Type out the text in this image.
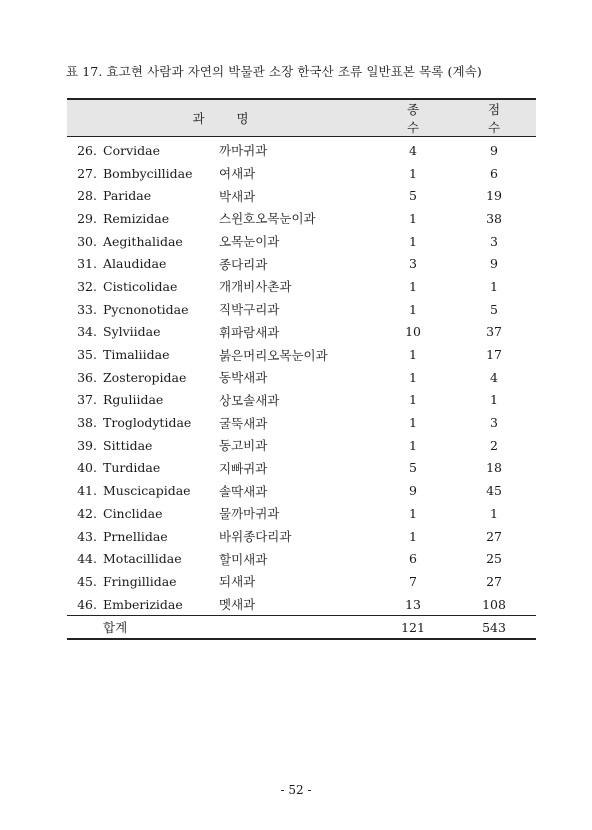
표 17. 효고현 사람과 자연의 박물관 소장 한국산 조류 일반표본 목록 (계속)
과 명			종 수	점 수
26.	Corvidae	까마귀과	4	9
27.	Bombycillidae	여새과	1	6
28.	Paridae	박새과	5	19
29.	Remizidae	스윈호오목눈이과	1	38
30.	Aegithalidae	오목눈이과	1	3
31.	Alaudidae	종다리과	3	9
32.	Cisticolidae	개개비사촌과	1	1
33.	Pycnonotidae	직박구리과	1	5
34.	Sylviidae	휘파람새과	10	37
35.	Timaliidae	붉은머리오목눈이과	1	17
36.	Zosteropidae	동박새과	1	4
37.	Rguliidae	상모솔새과	1	1
38.	Troglodytidae	굴뚝새과	1	3
39.	Sittidae	동고비과	1	2
40.	Turdidae	지빠귀과	5	18
41.	Muscicapidae	솔딱새과	9	45
42.	Cinclidae	물까마귀과	1	1
43.	Prnellidae	바위종다리과	1	27
44.	Motacillidae	할미새과	6	25
45.	Fringillidae	되새과	7	27
46.	Emberizidae	멧새과	13	108
	합계		121	543
- 52 -
